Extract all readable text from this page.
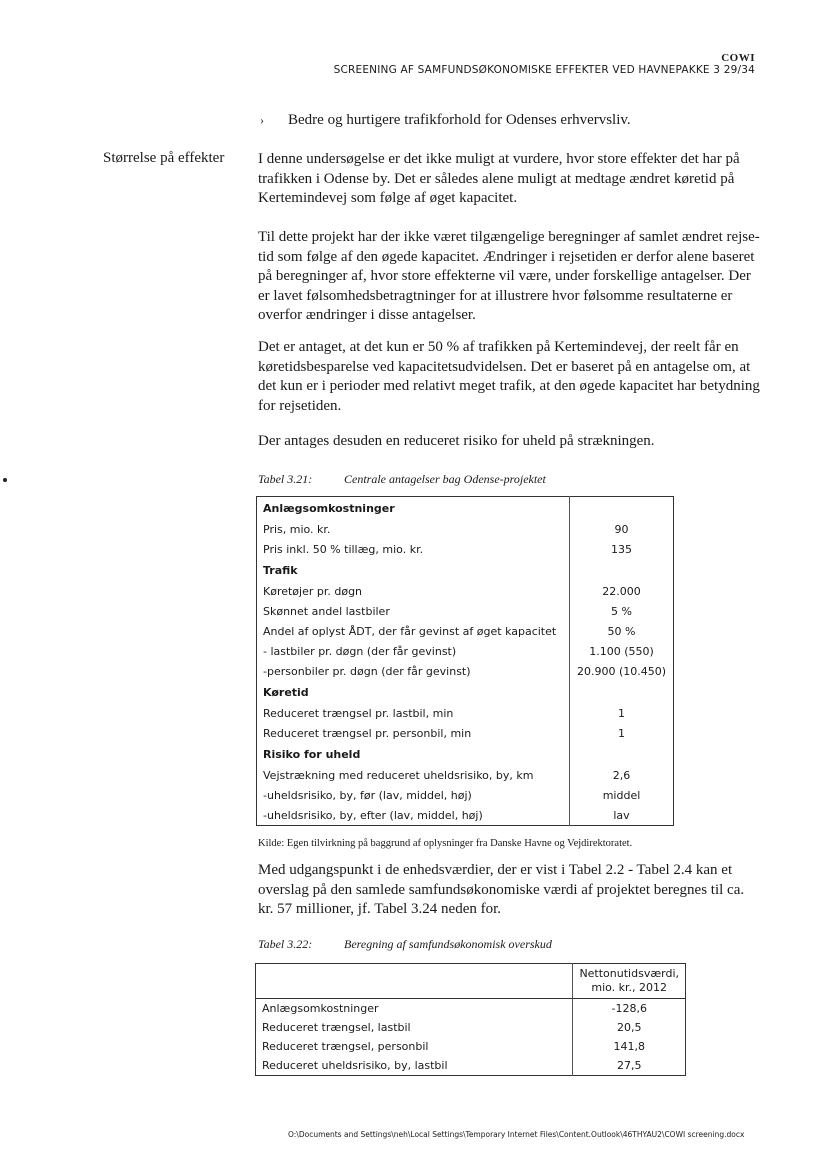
COWI
SCREENING AF SAMFUNDSØKONOMISKE EFFEKTER VED HAVNEPAKKE 3 29/34
› Bedre og hurtigere trafikforhold for Odenses erhvervsliv.
Størrelse på effekter I denne undersøgelse er det ikke muligt at vurdere, hvor store effekter det har på
trafikken i Odense by. Det er således alene muligt at medtage ændret køretid på
Kertemindevej som følge af øget kapacitet.
Til dette projekt har der ikke været tilgængelige beregninger af samlet ændret rejse-
tid som følge af den øgede kapacitet. Ændringer i rejsetiden er derfor alene baseret
på beregninger af, hvor store effekterne vil være, under forskellige antagelser. Der
er lavet følsomhedsbetragtninger for at illustrere hvor følsomme resultaterne er
overfor ændringer i disse antagelser.
Det er antaget, at det kun er 50 % af trafikken på Kertemindevej, der reelt får en
køretidsbesparelse ved kapacitetsudvidelsen. Det er baseret på en antagelse om, at
det kun er i perioder med relativt meget trafik, at den øgede kapacitet har betydning
for rejsetiden.
Der antages desuden en reduceret risiko for uheld på strækningen.
Tabel 3.21:	Centrale antagelser bag Odense-projektet
Anlægsomkostninger	
Pris, mio. kr.	90
Pris inkl. 50 % tillæg, mio. kr.	135
Trafik	
Køretøjer pr. døgn	22.000
Skønnet andel lastbiler	5 %
Andel af oplyst ÅDT, der får gevinst af øget kapacitet	50 %
- lastbiler pr. døgn (der får gevinst)	1.100 (550)
-personbiler pr. døgn (der får gevinst)	20.900 (10.450)
Køretid	
Reduceret trængsel pr. lastbil, min	1
Reduceret trængsel pr. personbil, min	1
Risiko for uheld	
Vejstrækning med reduceret uheldsrisiko, by, km	2,6
-uheldsrisiko, by, før (lav, middel, høj)	middel
-uheldsrisiko, by, efter (lav, middel, høj)	lav
Kilde: Egen tilvirkning på baggrund af oplysninger fra Danske Havne og Vejdirektoratet.
Med udgangspunkt i de enhedsværdier, der er vist i Tabel 2.2 - Tabel 2.4 kan et
overslag på den samlede samfundsøkonomiske værdi af projektet beregnes til ca.
kr. 57 millioner, jf. Tabel 3.24 neden for.
Tabel 3.22:	Beregning af samfundsøkonomisk overskud

	Nettonutidsværdi,
mio. kr., 2012

Anlægsomkostninger	-128,6
Reduceret trængsel, lastbil	20,5
Reduceret trængsel, personbil	141,8
Reduceret uheldsrisiko, by, lastbil	27,5
O:\Documents and Settings\neh\Local Settings\Temporary Internet Files\Content.Outlook\46THYAU2\COWI screening.docx
